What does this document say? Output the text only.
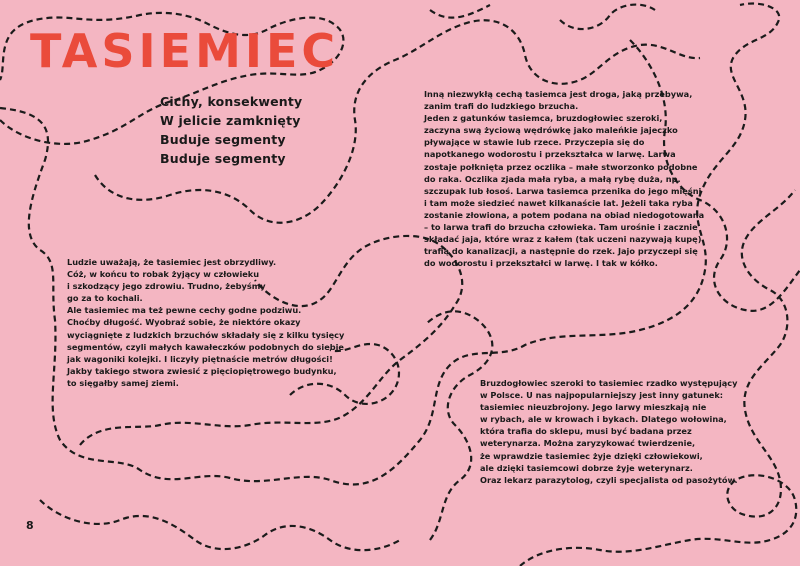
TASIEMIEC
Cichy, konsekwenty
W jelicie zamknięty
Buduje segmenty
Buduje segmenty
Ludzie uważają, że tasiemiec jest obrzydliwy.
Cóż, w końcu to robak żyjący w człowieku
i szkodzący jego zdrowiu. Trudno, żebyśmy
go za to kochali.
Ale tasiemiec ma też pewne cechy godne podziwu.
Choćby długość. Wyobraź sobie, że niektóre okazy
wyciągnięte z ludzkich brzuchów składały się z kilku tysięcy
segmentów, czyli małych kawałeczków podobnych do siebie
jak wagoniki kolejki. I liczyły piętnaście metrów długości!
Jakby takiego stwora zwiesić z pięciopiętrowego budynku,
to sięgałby samej ziemi.
Inną niezwykłą cechą tasiemca jest droga, jaką przebywa,
zanim trafi do ludzkiego brzucha.
Jeden z gatunków tasiemca, bruzdogłowiec szeroki,
zaczyna swą życiową wędrówkę jako maleńkie jajeczko
pływające w stawie lub rzece. Przyczepia się do
napotkanego wodorostu i przekształca w larwę. Larwa
zostaje połknięta przez oczlika – małe stworzonko podobne
do raka. Oczlika zjada mała ryba, a małą rybę duża, np.
szczupak lub łosoś. Larwa tasiemca przenika do jego mięśni
i tam może siedzieć nawet kilkanaście lat. Jeżeli taka ryba
zostanie złowiona, a potem podana na obiad niedogotowana
– to larwa trafi do brzucha człowieka. Tam urośnie i zacznie
składać jaja, które wraz z kałem (tak uczeni nazywają kupę)
trafią do kanalizacji, a następnie do rzek. Jajo przyczepi się
do wodorostu i przekształci w larwę. I tak w kółko.
Bruzdogłowiec szeroki to tasiemiec rzadko występujący
w Polsce. U nas najpopularniejszy jest inny gatunek:
tasiemiec nieuzbrojony. Jego larwy mieszkają nie
w rybach, ale w krowach i bykach. Dlatego wołowina,
która trafia do sklepu, musi być badana przez
weterynarza. Można zaryzykować twierdzenie,
że wprawdzie tasiemiec żyje dzięki człowiekowi,
ale dzięki tasiemcowi dobrze żyje weterynarz.
Oraz lekarz parazytolog, czyli specjalista od pasożytów.
8
